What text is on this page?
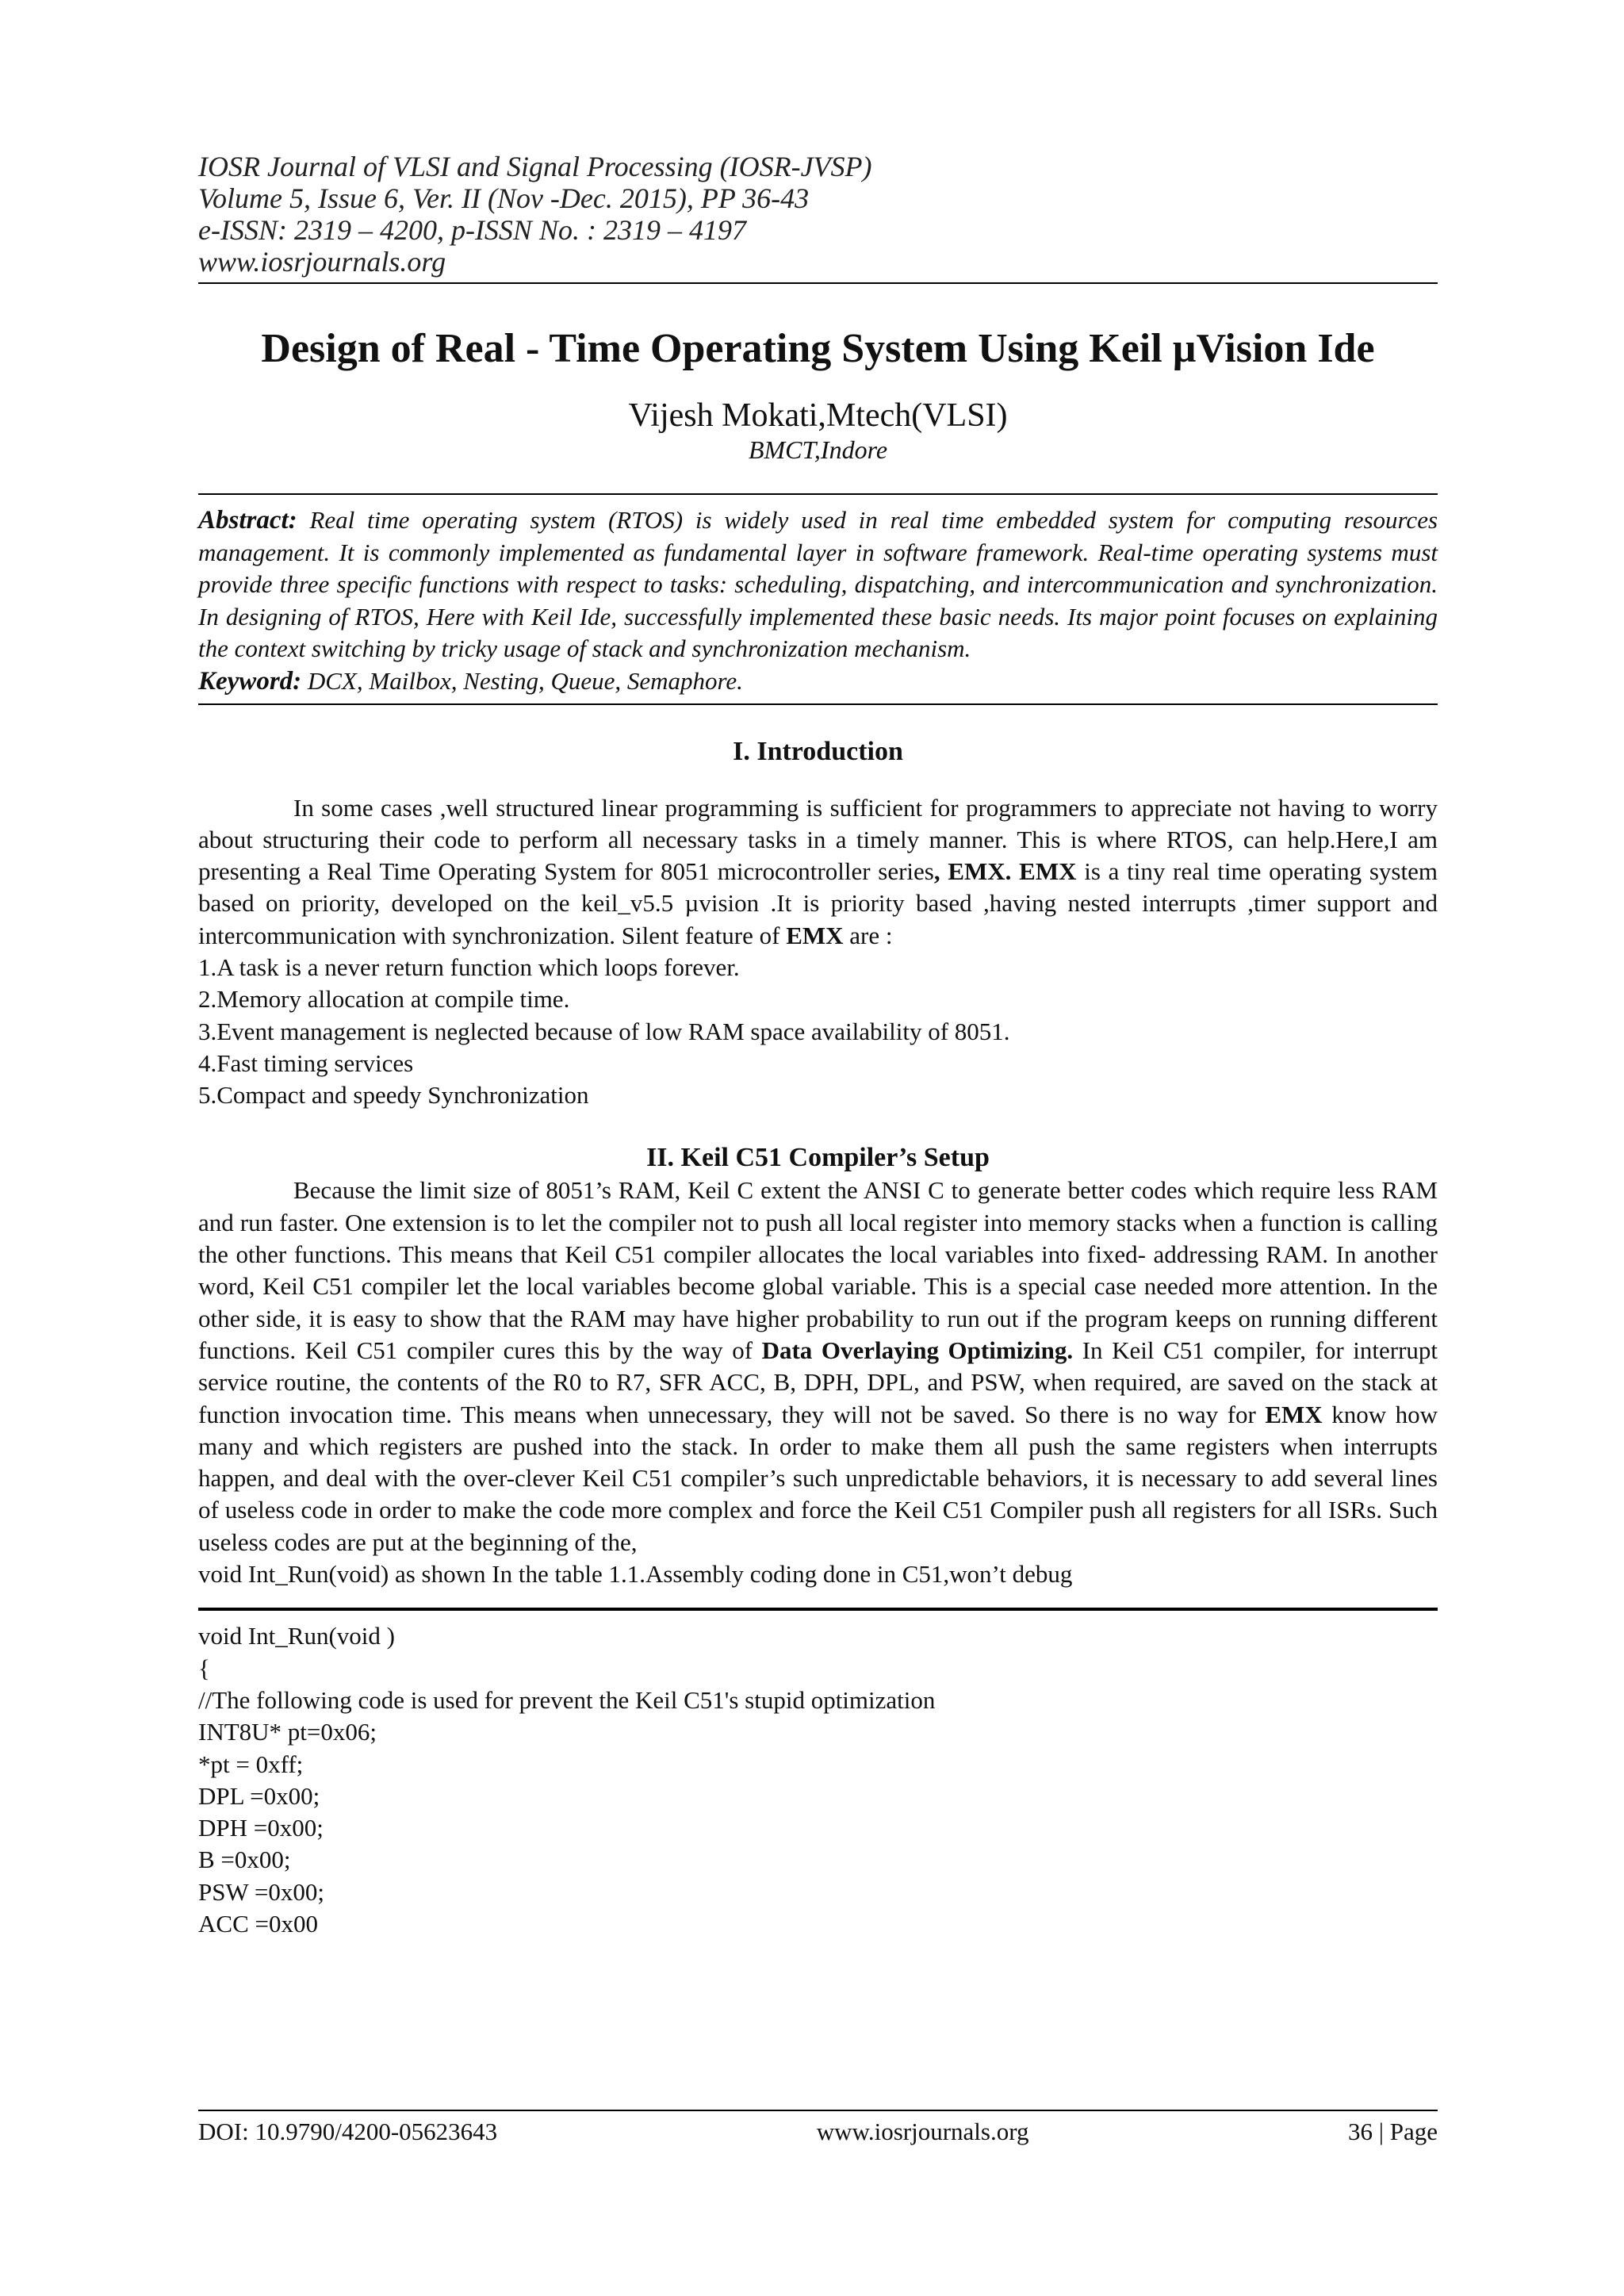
IOSR Journal of VLSI and Signal Processing (IOSR-JVSP)
Volume 5, Issue 6, Ver. II (Nov -Dec. 2015), PP 36-43
e-ISSN: 2319 – 4200, p-ISSN No. : 2319 – 4197
www.iosrjournals.org
Design of Real - Time Operating System Using Keil µVision Ide
Vijesh Mokati,Mtech(VLSI)
BMCT,Indore
Abstract: Real time operating system (RTOS) is widely used in real time embedded system for computing resources management. It is commonly implemented as fundamental layer in software framework. Real-time operating systems must provide three specific functions with respect to tasks: scheduling, dispatching, and intercommunication and synchronization. In designing of RTOS, Here with Keil Ide, successfully implemented these basic needs. Its major point focuses on explaining the context switching by tricky usage of stack and synchronization mechanism.
Keyword: DCX, Mailbox, Nesting, Queue, Semaphore.
I. Introduction
In some cases ,well structured linear programming is sufficient for programmers to appreciate not having to worry about structuring their code to perform all necessary tasks in a timely manner. This is where RTOS, can help.Here,I am presenting a Real Time Operating System for 8051 microcontroller series, EMX. EMX is a tiny real time operating system based on priority, developed on the keil_v5.5 µvision .It is priority based ,having nested interrupts ,timer support and intercommunication with synchronization. Silent feature of EMX are :
1.A task is a never return function which loops forever.
2.Memory allocation at compile time.
3.Event management is neglected because of low RAM space availability of 8051.
4.Fast timing services
5.Compact and speedy Synchronization
II. Keil C51 Compiler’s Setup
Because the limit size of 8051’s RAM, Keil C extent the ANSI C to generate better codes which require less RAM and run faster. One extension is to let the compiler not to push all local register into memory stacks when a function is calling the other functions. This means that Keil C51 compiler allocates the local variables into fixed- addressing RAM. In another word, Keil C51 compiler let the local variables become global variable. This is a special case needed more attention. In the other side, it is easy to show that the RAM may have higher probability to run out if the program keeps on running different functions. Keil C51 compiler cures this by the way of Data Overlaying Optimizing. In Keil C51 compiler, for interrupt service routine, the contents of the R0 to R7, SFR ACC, B, DPH, DPL, and PSW, when required, are saved on the stack at function invocation time. This means when unnecessary, they will not be saved. So there is no way for EMX know how many and which registers are pushed into the stack. In order to make them all push the same registers when interrupts happen, and deal with the over-clever Keil C51 compiler’s such unpredictable behaviors, it is necessary to add several lines of useless code in order to make the code more complex and force the Keil C51 Compiler push all registers for all ISRs. Such useless codes are put at the beginning of the,
void Int_Run(void) as shown In the table 1.1.Assembly coding done in C51,won’t debug
void Int_Run(void )
{
//The following code is used for prevent the Keil C51's stupid optimization
INT8U* pt=0x06;
*pt = 0xff;
DPL =0x00;
DPH =0x00;
B =0x00;
PSW =0x00;
ACC =0x00
DOI: 10.9790/4200-05623643	www.iosrjournals.org	36 | Page
